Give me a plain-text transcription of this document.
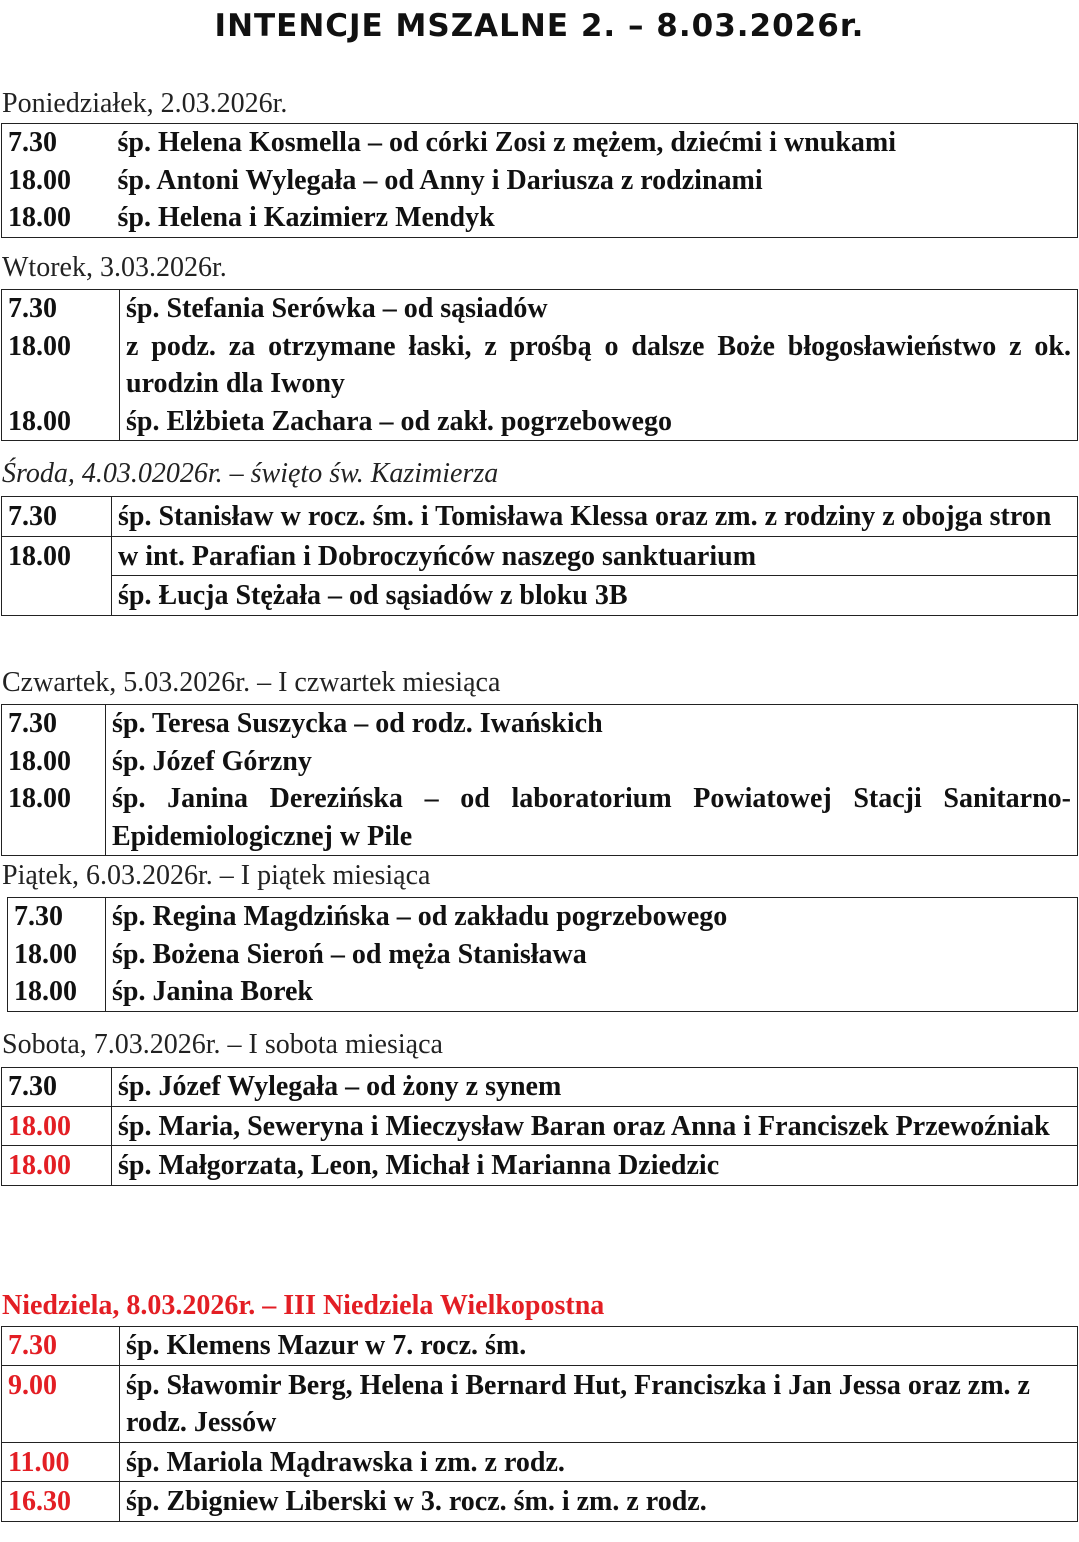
INTENCJE MSZALNE 2. – 8.03.2026r.
Poniedziałek, 2.03.2026r.
7.30	śp. Helena Kosmella – od córki Zosi z mężem, dziećmi i wnukami
18.00	śp. Antoni Wylegała – od Anny i Dariusza z rodzinami
18.00	śp. Helena i Kazimierz Mendyk
Wtorek, 3.03.2026r.
7.30	śp. Stefania Serówka – od sąsiadów
18.00	z podz. za otrzymane łaski, z prośbą o dalsze Boże błogosławieństwo z ok. urodzin dla Iwony
18.00	śp. Elżbieta Zachara – od zakł. pogrzebowego
Środa, 4.03.02026r. – święto św. Kazimierza
7.30	śp. Stanisław w rocz. śm. i Tomisława Klessa oraz zm. z rodziny z obojga stron
18.00	w int. Parafian i Dobroczyńców naszego sanktuarium
	śp. Łucja Stężała – od sąsiadów z bloku 3B
Czwartek, 5.03.2026r. – I czwartek miesiąca
7.30	śp. Teresa Suszycka – od rodz. Iwańskich
18.00	śp. Józef Górzny
18.00	śp. Janina Derezińska – od laboratorium Powiatowej Stacji Sanitarno-Epidemiologicznej w Pile
Piątek, 6.03.2026r. – I piątek miesiąca
7.30	śp. Regina Magdzińska – od zakładu pogrzebowego
18.00	śp. Bożena Sieroń – od męża Stanisława
18.00	śp. Janina Borek
Sobota, 7.03.2026r. – I sobota miesiąca
7.30	śp. Józef Wylegała – od żony z synem
18.00	śp. Maria, Seweryna i Mieczysław Baran oraz Anna i Franciszek Przewoźniak
18.00	śp. Małgorzata, Leon, Michał i Marianna Dziedzic
Niedziela, 8.03.2026r. – III Niedziela Wielkopostna
7.30	śp. Klemens Mazur w 7. rocz. śm.
9.00	śp. Sławomir Berg, Helena i Bernard Hut, Franciszka i Jan Jessa oraz zm. z rodz. Jessów
11.00	śp. Mariola Mądrawska i zm. z rodz.
16.30	śp. Zbigniew Liberski w 3. rocz. śm. i zm. z rodz.
